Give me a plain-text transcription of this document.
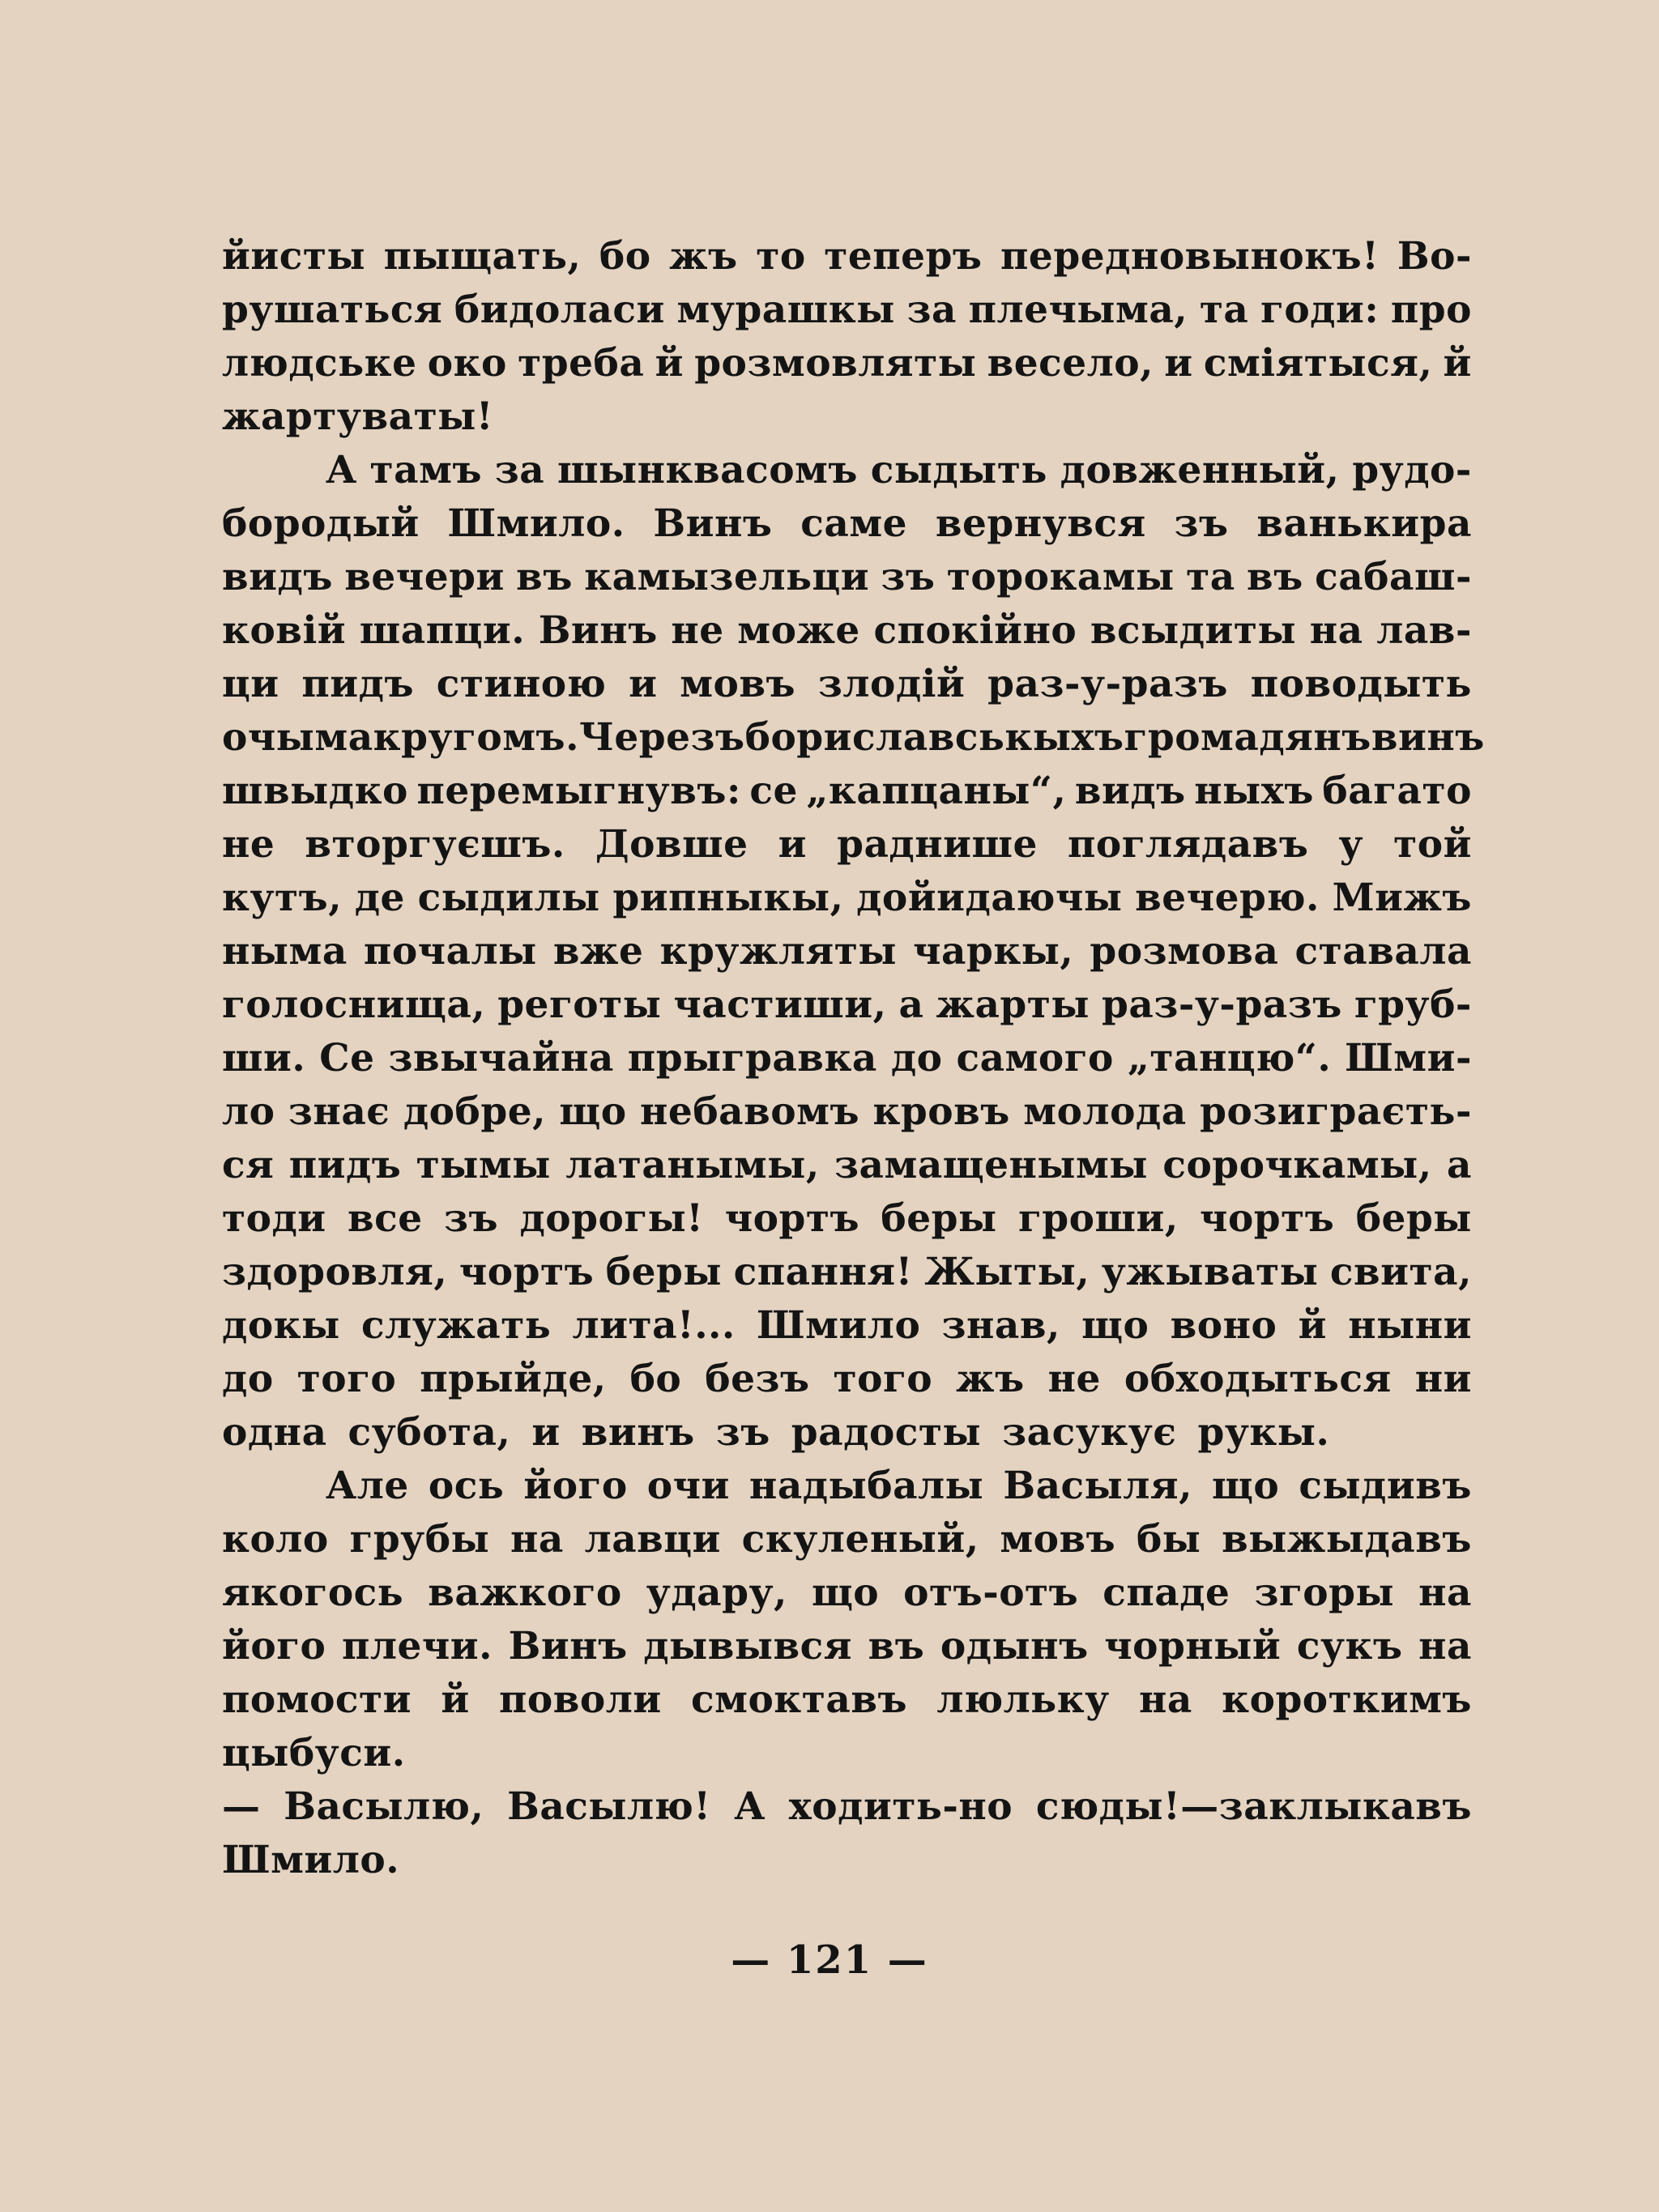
йисты пыщать, бо жъ то теперъ передновынокъ! Во-
рушаться бидоласи мурашкы за плечыма, та годи: про
людське око треба й розмовляты весело, и сміятыся, й
жартуваты!
А тамъ за шынквасомъ сыдыть довженный, рудо-
бородый Шмило. Винъ саме вернувся зъ ванькира
видъ вечери въ камызельци зъ торокамы та въ сабаш-
ковій шапци. Винъ не може спокійно всыдиты на лав-
ци пидъ стиною и мовъ злодій раз-у-разъ поводыть
очыма кругомъ. Черезъ бориславськыхъ громадянъ винъ
швыдко перемыгнувъ: се „капцаны“, видъ ныхъ багато
не вторгуєшъ. Довше и раднише поглядавъ у той
кутъ, де сыдилы рипныкы, дойидаючы вечерю. Мижъ
ныма почалы вже кружляты чаркы, розмова ставала
голоснища, реготы частиши, а жарты раз-у-разъ груб-
ши. Се звычайна прыгравка до самого „танцю“. Шми-
ло знає добре, що небавомъ кровъ молода розиграєть-
ся пидъ тымы латанымы, замащенымы сорочкамы, а
тоди все зъ дорогы! чортъ беры гроши, чортъ беры
здоровля, чортъ беры спання! Жыты, ужываты свита,
докы служать лита!... Шмило знав, що воно й ныни
до того прыйде, бо безъ того жъ не обходыться ни
одна субота, и винъ зъ радосты засукує рукы.
Але ось його очи надыбалы Васыля, що сыдивъ
коло грубы на лавци скуленый, мовъ бы выжыдавъ
якогось важкого удару, що отъ-отъ спаде згоры на
його плечи. Винъ дывывся въ одынъ чорный сукъ на
помости й поволи смоктавъ люльку на короткимъ
цыбуси.
— Васылю, Васылю! А ходить-но сюды!—заклыкавъ
Шмило.
— 121 —
